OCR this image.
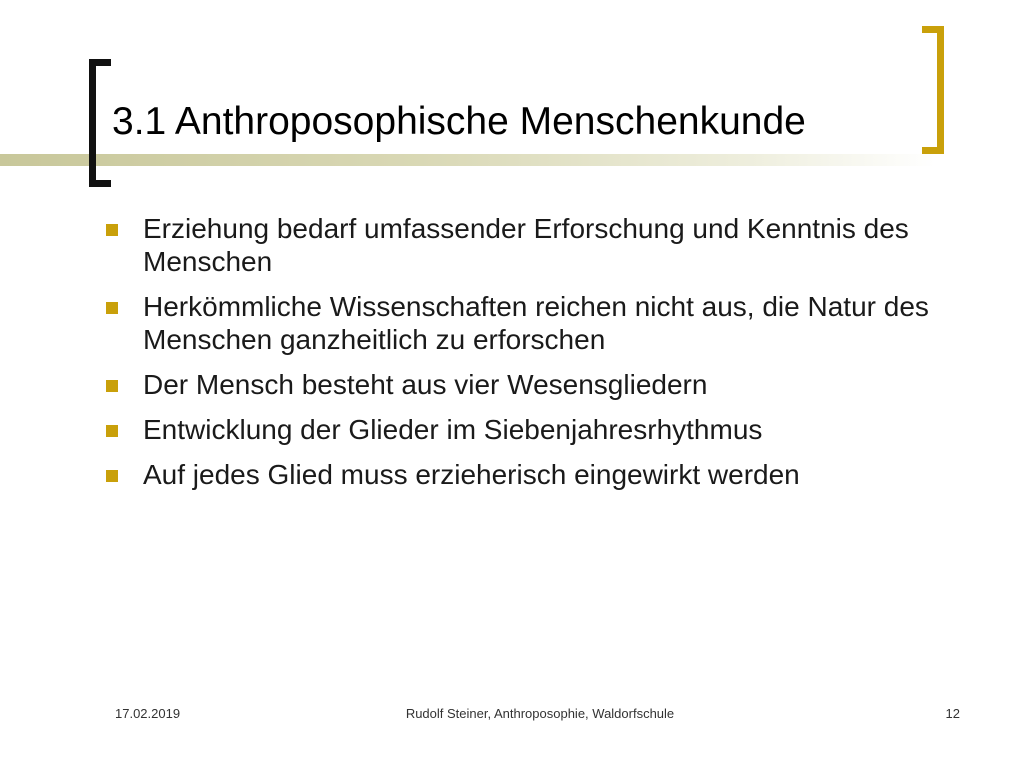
3.1 Anthroposophische Menschenkunde
Erziehung bedarf umfassender Erforschung und Kenntnis des Menschen
Herkömmliche Wissenschaften reichen nicht aus, die Natur des Menschen ganzheitlich zu erforschen
Der Mensch besteht aus vier Wesensgliedern
Entwicklung der Glieder im Siebenjahresrhythmus
Auf jedes Glied muss erzieherisch eingewirkt werden
17.02.2019	Rudolf Steiner, Anthroposophie, Waldorfschule	12
